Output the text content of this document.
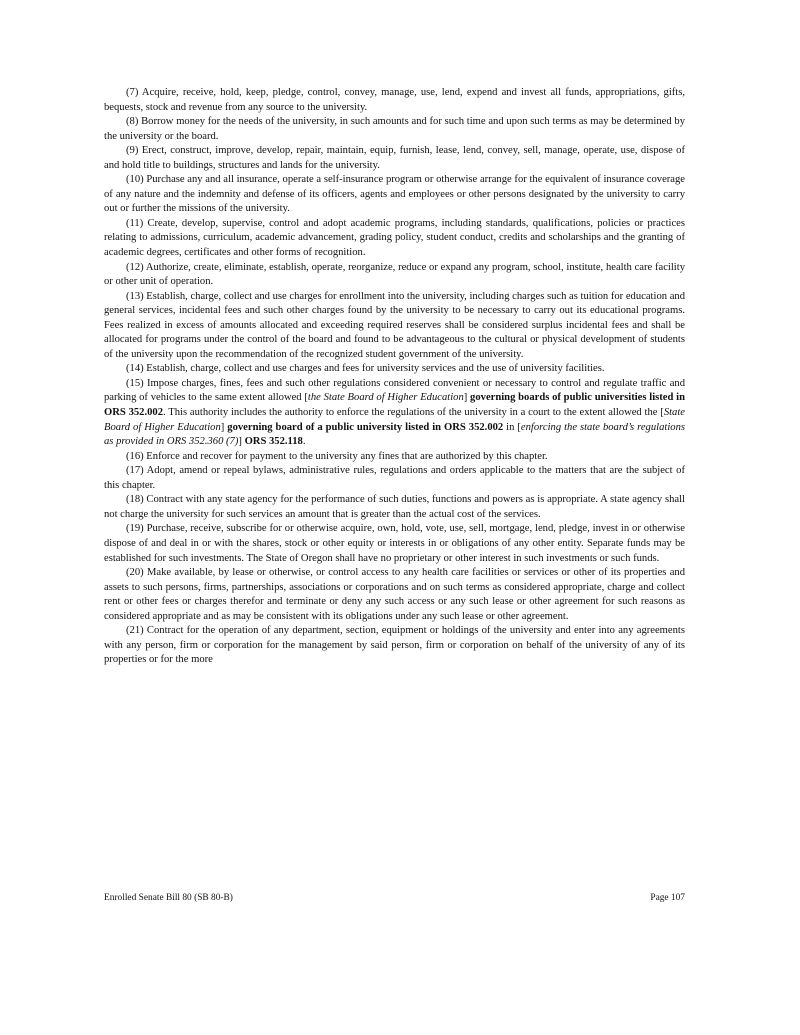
(7) Acquire, receive, hold, keep, pledge, control, convey, manage, use, lend, expend and invest all funds, appropriations, gifts, bequests, stock and revenue from any source to the university.

(8) Borrow money for the needs of the university, in such amounts and for such time and upon such terms as may be determined by the university or the board.

(9) Erect, construct, improve, develop, repair, maintain, equip, furnish, lease, lend, convey, sell, manage, operate, use, dispose of and hold title to buildings, structures and lands for the university.

(10) Purchase any and all insurance, operate a self-insurance program or otherwise arrange for the equivalent of insurance coverage of any nature and the indemnity and defense of its officers, agents and employees or other persons designated by the university to carry out or further the missions of the university.

(11) Create, develop, supervise, control and adopt academic programs, including standards, qualifications, policies or practices relating to admissions, curriculum, academic advancement, grading policy, student conduct, credits and scholarships and the granting of academic degrees, certificates and other forms of recognition.

(12) Authorize, create, eliminate, establish, operate, reorganize, reduce or expand any program, school, institute, health care facility or other unit of operation.

(13) Establish, charge, collect and use charges for enrollment into the university, including charges such as tuition for education and general services, incidental fees and such other charges found by the university to be necessary to carry out its educational programs. Fees realized in excess of amounts allocated and exceeding required reserves shall be considered surplus incidental fees and shall be allocated for programs under the control of the board and found to be advantageous to the cultural or physical development of students of the university upon the recommendation of the recognized student government of the university.

(14) Establish, charge, collect and use charges and fees for university services and the use of university facilities.

(15) Impose charges, fines, fees and such other regulations considered convenient or necessary to control and regulate traffic and parking of vehicles to the same extent allowed [the State Board of Higher Education] governing boards of public universities listed in ORS 352.002. This authority includes the authority to enforce the regulations of the university in a court to the extent allowed the [State Board of Higher Education] governing board of a public university listed in ORS 352.002 in [enforcing the state board’s regulations as provided in ORS 352.360 (7)] ORS 352.118.

(16) Enforce and recover for payment to the university any fines that are authorized by this chapter.

(17) Adopt, amend or repeal bylaws, administrative rules, regulations and orders applicable to the matters that are the subject of this chapter.

(18) Contract with any state agency for the performance of such duties, functions and powers as is appropriate. A state agency shall not charge the university for such services an amount that is greater than the actual cost of the services.

(19) Purchase, receive, subscribe for or otherwise acquire, own, hold, vote, use, sell, mortgage, lend, pledge, invest in or otherwise dispose of and deal in or with the shares, stock or other equity or interests in or obligations of any other entity. Separate funds may be established for such investments. The State of Oregon shall have no proprietary or other interest in such investments or such funds.

(20) Make available, by lease or otherwise, or control access to any health care facilities or services or other of its properties and assets to such persons, firms, partnerships, associations or corporations and on such terms as considered appropriate, charge and collect rent or other fees or charges therefor and terminate or deny any such access or any such lease or other agreement for such reasons as considered appropriate and as may be consistent with its obligations under any such lease or other agreement.

(21) Contract for the operation of any department, section, equipment or holdings of the university and enter into any agreements with any person, firm or corporation for the management by said person, firm or corporation on behalf of the university of any of its properties or for the more

Enrolled Senate Bill 80 (SB 80-B)	Page 107
